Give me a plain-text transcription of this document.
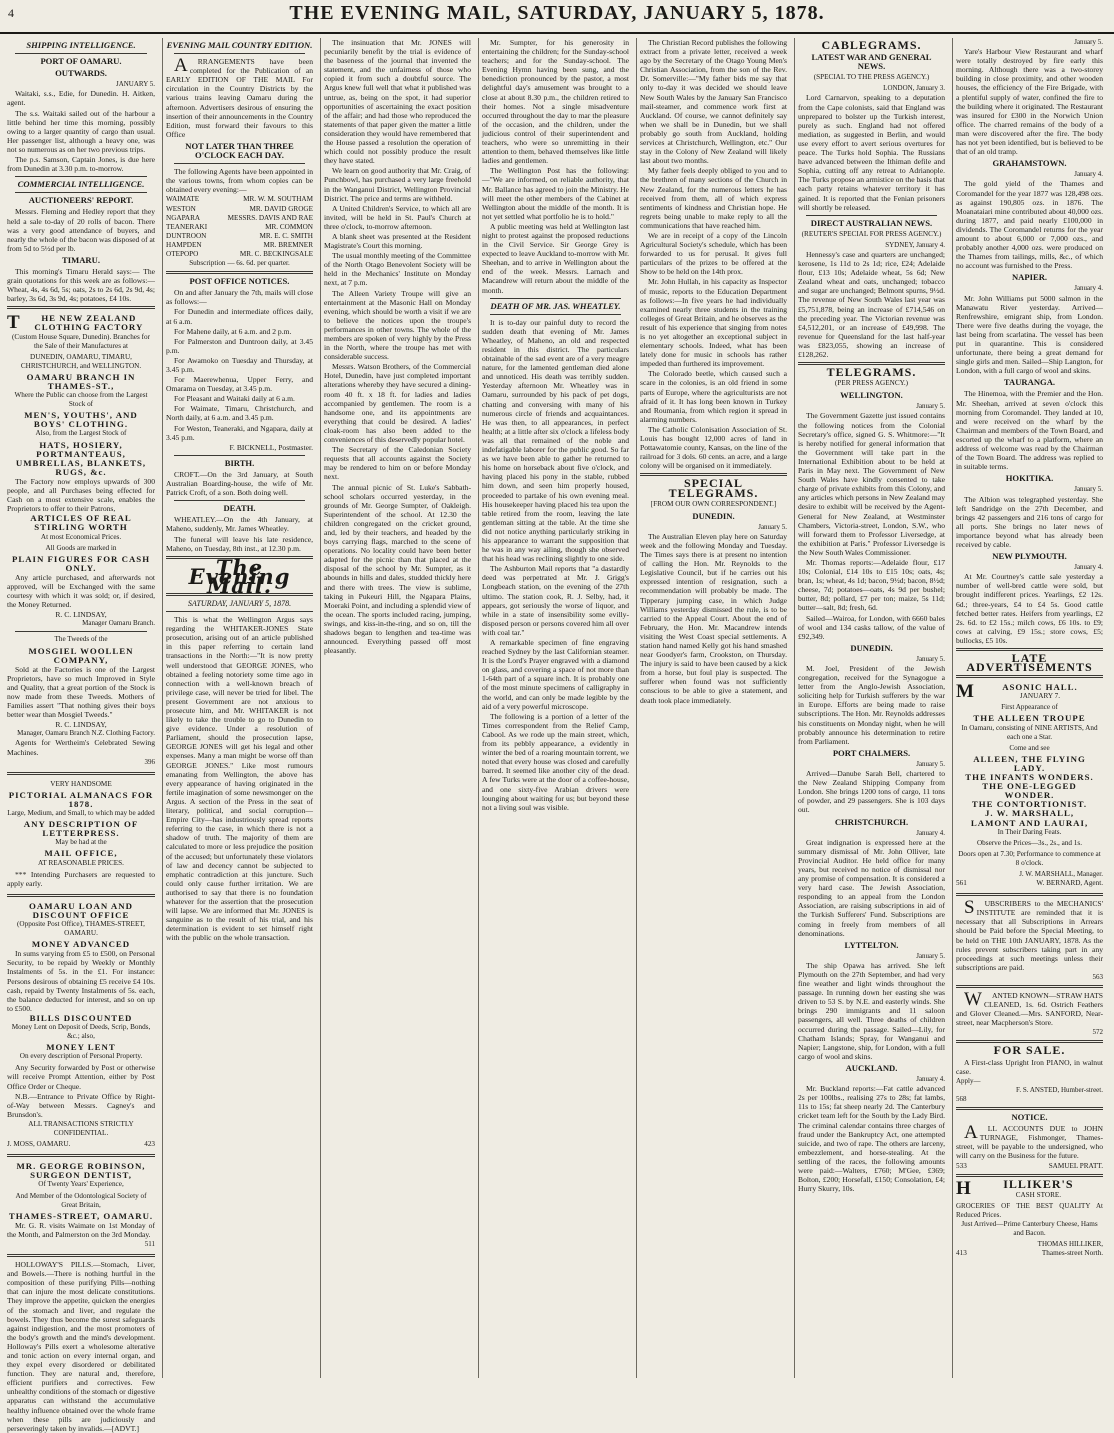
4	THE EVENING MAIL, SATURDAY, JANUARY 5, 1878.
SHIPPING INTELLIGENCE.
PORT OF OAMARU.
OUTWARDS.
JANUARY 5.

Waitaki, s.s., Edie, for Dunedin. H. Aitken, agent.

The s.s. Waitaki sailed out of the harbour a little behind her time this morning, possibly owing to a larger quantity of cargo than usual. Her passenger list, although a heavy one, was not so numerous as on her two previous trips.

The p.s. Samson, Captain Jones, is due here from Dunedin at 3.30 p.m. to-morrow.

COMMERCIAL INTELLIGENCE.
AUCTIONEERS' REPORT.

Messrs. Fleming and Hedley report that they held a sale to-day of 20 rolls of bacon. There was a very good attendance of buyers, and nearly the whole of the bacon was disposed of at from 5d to 5½d per lb.

TIMARU.

This morning's Timaru Herald says:— The grain quotations for this week are as follows:—Wheat, 4s, 4s 6d, 5s; oats, 2s to 2s 6d, 2s 9d, 4s; barley, 3s 6d, 3s 9d, 4s; potatoes, £4 10s.

THE NEW ZEALAND CLOTHING FACTORY
(Custom House Square, Dunedin). Branches for the Sale of their Manufactures at
DUNEDIN, OAMARU, TIMARU, CHRISTCHURCH, and WELLINGTON.
OAMARU BRANCH IN THAMES-ST.,
Where the Public can choose from the Largest Stock of
MEN'S, YOUTHS', AND BOYS' CLOTHING.
Also, from the Largest Stock of
HATS, HOSIERY, PORTMANTEAUS, UMBRELLAS, BLANKETS, RUGS, &c.

The Factory now employs upwards of 300 people, and all Purchases being effected for Cash on a most extensive scale, enables the Proprietors to offer to their Patrons,

ARTICLES OF REAL STIRLING WORTH
At most Economical Prices.
All Goods are marked in
PLAIN FIGURES FOR CASH ONLY.

Any article purchased, and afterwards not approved, will be Exchanged with the same courtesy with which it was sold; or, if desired, the Money Returned.

R. C. LINDSAY,
Manager Oamaru Branch.
The Tweeds of the
MOSGIEL WOOLLEN COMPANY,

Sold at the Factories is one of the Largest Proprietors, have so much Improved in Style and Quality, that a great portion of the Stock is now made from these Tweeds. Mothers of Families assert "That nothing gives their boys better wear than Mosgiel Tweeds."

R. C. LINDSAY,
Manager, Oamaru Branch N.Z. Clothing Factory.

Agents for Wertheim's Celebrated Sewing Machines.

396
VERY HANDSOME
PICTORIAL ALMANACS FOR 1878.
Large, Medium, and Small, to which may be added
ANY DESCRIPTION OF LETTERPRESS.
May be had at the
MAIL OFFICE,
AT REASONABLE PRICES.

*** Intending Purchasers are requested to apply early.

OAMARU LOAN AND DISCOUNT OFFICE
(Opposite Post Office), THAMES-STREET, OAMARU.
MONEY ADVANCED

In sums varying from £5 to £500, on Personal Security, to be repaid by Weekly or Monthly Instalments of 5s. in the £1. For instance: Persons desirous of obtaining £5 receive £4 10s. cash, repaid by Twenty Instalments of 5s. each, the balance deducted for interest, and so on up to £500.

BILLS DISCOUNTED
Money Lent on Deposit of Deeds, Scrip, Bonds, &c.; also,
MONEY LENT
On every description of Personal Property.

Any Security forwarded by Post or otherwise will receive Prompt Attention, either by Post Office Order or Cheque.

N.B.—Entrance to Private Office by Right-of-Way between Messrs. Cagney's and Brunsdon's.

ALL TRANSACTIONS STRICTLY CONFIDENTIAL.
J. MOSS, OAMARU.	423
MR. GEORGE ROBINSON,
SURGEON DENTIST,
Of Twenty Years' Experience,
And Member of the Odontological Society of Great Britain,
THAMES-STREET, OAMARU.

Mr. G. R. visits Waimate on 1st Monday of the Month, and Palmerston on the 3rd Monday.

511

HOLLOWAY'S PILLS.—Stomach, Liver, and Bowels.—There is nothing hurtful in the composition of these purifying Pills—nothing that can injure the most delicate constitutions. They improve the appetite, quicken the energies of the stomach and liver, and regulate the bowels. They thus become the surest safeguards against indigestion, and the most promoters of the body's growth and the mind's development. Holloway's Pills exert a wholesome alterative and tonic action on every internal organ, and they expel every disordered or debilitated function. They are natural and, therefore, efficient purifiers and correctives. Few unhealthy conditions of the stomach or digestive apparatus can withstand the accumulative healthy influence obtained over the whole frame when these pills are judiciously and perseveringly taken by invalids.—[ADVT.]

EVENING MAIL COUNTRY EDITION.

ARRANGEMENTS have been completed for the Publication of an EARLY EDITION OF THE MAIL For circulation in the Country Districts by the various trains leaving Oamaru during the afternoon. Advertisers desirous of ensuring the insertion of their announcements in the Country Edition, must forward their favours to this Office

NOT LATER THAN THREE O'CLOCK EACH DAY.

The following Agents have been appointed in the various towns, from whom copies can be obtained every evening:—

WAIMATE	MR. W. M. SOUTHAM
WESTON	MR. DAVID GROGE
NGAPARA	MESSRS. DAVIS AND RAE
TEANERAKI	MR. COMMON
DUNTROON	MR. E. C. SMITH
HAMPDEN	MR. BREMNER
OTEPOPO	MR. C. BECKINGSALE
Subscription — 6s. 6d. per quarter.
POST OFFICE NOTICES.

On and after January the 7th, mails will close as follows:—

For Dunedin and intermediate offices daily, at 6 a.m.

For Mahene daily, at 6 a.m. and 2 p.m.

For Palmerston and Duntroon daily, at 3.45 p.m.

For Awamoko on Tuesday and Thursday, at 3.45 p.m.

For Maerewhenua, Upper Ferry, and Omarama on Tuesday, at 3.45 p.m.

For Pleasant and Waitaki daily at 6 a.m.

For Waimate, Timaru, Christchurch, and North daily, at 6 a.m. and 3.45 p.m.

For Weston, Teaneraki, and Ngapara, daily at 3.45 p.m.

F. BICKNELL, Postmaster.
BIRTH.

CROFT.—On the 3rd January, at South Australian Boarding-house, the wife of Mr. Patrick Croft, of a son. Both doing well.

DEATH.

WHEATLEY.—On the 4th January, at Maheno, suddenly, Mr. James Wheatley.

The funeral will leave his late residence, Maheno, on Tuesday, 8th inst., at 12.30 p.m.

The Evening Mail.
SATURDAY, JANUARY 5, 1878.

This is what the Wellington Argus says regarding the WHITAKER-JONES State prosecution, arising out of an article published in this paper referring to certain land transactions in the North:—"It is now pretty well understood that GEORGE JONES, who obtained a feeling notoriety some time ago in connection with a well-known breach of privilege case, will never be tried for libel. The present Government are not anxious to prosecute him, and Mr. WHITAKER is not likely to take the trouble to go to Dunedin to give evidence. Under a resolution of Parliament, should the prosecution lapse, GEORGE JONES will get his legal and other expenses. Many a man might be worse off than GEORGE JONES." Like most rumours emanating from Wellington, the above has every appearance of having originated in the fertile imagination of some newsmonger on the Argus. A section of the Press in the seat of literary, political, and social corruption—Empire City—has industriously spread reports referring to the case, in which there is not a shadow of truth. The majority of them are calculated to more or less prejudice the position of the accused; but unfortunately these violators of law and decency cannot be subjected to emphatic contradiction at this juncture. Such could only cause further irritation. We are authorised to say that there is no foundation whatever for the assertion that the prosecution will lapse. We are informed that Mr. JONES is sanguine as to the result of his trial, and his determination is evident to set himself right with the public on the whole transaction.

The insinuation that Mr. JONES will pecuniarily benefit by the trial is evidence of the baseness of the journal that invented the statement, and the unfairness of those who copied it from such a doubtful source. The Argus knew full well that what it published was untrue, as, being on the spot, it had superior opportunities of ascertaining the exact position of the affair; and had those who reproduced the statements of that paper given the matter a little consideration they would have remembered that the House passed a resolution the operation of which could not possibly produce the result they have stated.

We learn on good authority that Mr. Craig, of Punchbowl, has purchased a very large freehold in the Wanganui District, Wellington Provincial District. The price and terms are withheld.

A United Children's Service, to which all are invited, will be held in St. Paul's Church at three o'clock, to-morrow afternoon.

A blank sheet was presented at the Resident Magistrate's Court this morning.

The usual monthly meeting of the Committee of the North Otago Benevolent Society will be held in the Mechanics' Institute on Monday next, at 7 p.m.

The Alleen Variety Troupe will give an entertainment at the Masonic Hall on Monday evening, which should be worth a visit if we are to believe the notices upon the troupe's performances in other towns. The whole of the members are spoken of very highly by the Press in the North, where the troupe has met with considerable success.

Messrs. Watson Brothers, of the Commercial Hotel, Dunedin, have just completed important alterations whereby they have secured a dining-room 40 ft. x 18 ft. for ladies and ladies accompanied by gentlemen. The room is a handsome one, and its appointments are everything that could be desired. A ladies' cloak-room has also been added to the conveniences of this deservedly popular hotel.

The Secretary of the Caledonian Society requests that all accounts against the Society may be rendered to him on or before Monday next.

The annual picnic of St. Luke's Sabbath-school scholars occurred yesterday, in the grounds of Mr. George Sumpter, of Oakleigh. Superintendent of the school. At 12.30 the children congregated on the cricket ground, and, led by their teachers, and headed by the boys carrying flags, marched to the scene of operations. No locality could have been better adapted for the picnic than that placed at the disposal of the school by Mr. Sumpter, as it abounds in hills and dales, studded thickly here and there with trees. The view is sublime, taking in Pukeuri Hill, the Ngapara Plains, Moeraki Point, and including a splendid view of the ocean. The sports included racing, jumping, swings, and kiss-in-the-ring, and so on, till the shadows began to lengthen and tea-time was announced. Everything passed off most pleasantly.

Mr. Sumpter, for his generosity in entertaining the children; for the Sunday-school teachers; and for the Sunday-school. The Evening Hymn having been sung, and the benediction pronounced by the pastor, a most delightful day's amusement was brought to a close at about 8.30 p.m., the children retired to their homes. Not a single misadventure occurred throughout the day to mar the pleasure of the occasion, and the children, under the judicious control of their superintendent and teachers, who were so unremitting in their attention to them, behaved themselves like little ladies and gentlemen.

The Wellington Post has the following:—"We are informed, on reliable authority, that Mr. Ballance has agreed to join the Ministry. He will meet the other members of the Cabinet at Wellington about the middle of the month. It is not yet settled what portfolio he is to hold."

A public meeting was held at Wellington last night to protest against the proposed reductions in the Civil Service. Sir George Grey is expected to leave Auckland to-morrow with Mr. Sheehan, and to arrive in Wellington about the end of the week. Messrs. Larnach and Macandrew will return about the middle of the month.

DEATH OF MR. JAS. WHEATLEY.

It is to-day our painful duty to record the sudden death that evening of Mr. James Wheatley, of Maheno, an old and respected resident in this district. The particulars obtainable of the sad event are of a very meagre nature, for the lamented gentleman died alone and unnoticed. His death was terribly sudden. Yesterday afternoon Mr. Wheatley was in Oamaru, surrounded by his pack of pet dogs, chatting and conversing with many of his numerous circle of friends and acquaintances. He was then, to all appearances, in perfect health; at a little after six o'clock a lifeless body was all that remained of the noble and indefatigable laborer for the public good. So far as we have been able to gather he returned to his home on horseback about five o'clock, and having placed his pony in the stable, rubbed him down, and seen him properly housed, proceeded to partake of his own evening meal. His housekeeper having placed his tea upon the table retired from the room, leaving the late gentleman sitting at the table. At the time she did not notice anything particularly striking in his appearance to warrant the supposition that he was in any way ailing, though she observed that his head was reclining slightly to one side.

The Ashburton Mail reports that "a dastardly deed was perpetrated at Mr. J. Grigg's Longbeach station, on the evening of the 27th ultimo. The station cook, R. J. Selby, had, it appears, got seriously the worse of liquor, and while in a state of insensibility some evilly-disposed person or persons covered him all over with coal tar."

A remarkable specimen of fine engraving reached Sydney by the last Californian steamer. It is the Lord's Prayer engraved with a diamond on glass, and covering a space of not more than 1-64th part of a square inch. It is probably one of the most minute specimens of calligraphy in the world, and can only be made legible by the aid of a very powerful microscope.

The following is a portion of a letter of the Times correspondent from the Relief Camp, Cabool. As we rode up the main street, which, from its pebbly appearance, a evidently in winter the bed of a roaring mountain torrent, we noted that every house was closed and carefully barred. It seemed like another city of the dead. A few Turks were at the door of a coffee-house, and one sixty-five Arabian drivers were lounging about waiting for us; but beyond these not a living soul was visible.

The Christian Record publishes the following extract from a private letter, received a week ago by the Secretary of the Otago Young Men's Christian Association, from the son of the Rev. Dr. Somerville:—"My father bids me say that only to-day it was decided we should leave New South Wales by the January San Francisco mail-steamer, and commence work first at Auckland. Of course, we cannot definitely say when we shall be in Dunedin, but we shall probably go south from Auckland, holding services at Christchurch, Wellington, etc." Our stay in the Colony of New Zealand will likely last about two months.

My father feels deeply obliged to you and to the brethren of many sections of the Church in New Zealand, for the numerous letters he has received from them, all of which express sentiments of kindness and Christian hope. He regrets being unable to make reply to all the communications that have reached him.

We are in receipt of a copy of the Lincoln Agricultural Society's schedule, which has been forwarded to us for perusal. It gives full particulars of the prizes to be offered at the Show to be held on the 14th prox.

Mr. John Hullah, in his capacity as Inspector of music, reports to the Education Department as follows:—In five years he had individually examined nearly three students in the training colleges of Great Britain, and he observes as the result of his experience that singing from notes is no yet altogether an exceptional subject in elementary schools. Indeed, what has been lately done for music in schools has rather impeded than furthered its improvement.

The Colorado beetle, which caused such a scare in the colonies, is an old friend in some parts of Europe, where the agriculturists are not afraid of it. It has long been known in Turkey and Roumania, from which region it spread in alarming numbers.

The Catholic Colonisation Association of St. Louis has bought 12,000 acres of land in Pottawatomie county, Kansas, on the line of the railroad for 3 dols. 60 cents. an acre, and a large colony will be organised on it immediately.

SPECIAL TELEGRAMS.
[FROM OUR OWN CORRESPONDENT.]
DUNEDIN.
January 5.

The Australian Eleven play here on Saturday week and the following Monday and Tuesday. The Times says there is at present no intention of calling the Hon. Mr. Reynolds to the Legislative Council, but if he carries out his expressed intention of resignation, such a recommendation will probably be made. The Tipperary jumping case, in which Judge Williams yesterday dismissed the rule, is to be carried to the Appeal Court. About the end of February, the Hon. Mr. Macandrew intends visiting the West Coast special settlements. A station hand named Kelly got his hand smashed near Goodyer's farm, Crookston, on Thursday. The injury is said to have been caused by a kick from a horse, but foul play is suspected. The sufferer when found was not sufficiently conscious to be able to give a statement, and death took place immediately.

CABLEGRAMS.
LATEST WAR AND GENERAL NEWS.
(SPECIAL TO THE PRESS AGENCY.)
LONDON, January 3.

Lord Carnarvon, speaking to a deputation from the Cape colonists, said that England was unprepared to bolster up the Turkish interest, purely as such. England had not offered mediation, as suggested in Berlin, and would use every effort to avert serious overtures for peace. The Turks hold Sophia. The Russians have advanced between the Ithiman defile and Sophia, cutting off any retreat to Adrianople. The Turks propose an armistice on the basis that each party retains whatever territory it has gained. It is reported that the Fenian prisoners will shortly be released.

DIRECT AUSTRALIAN NEWS.
(REUTER'S SPECIAL FOR PRESS AGENCY.)
SYDNEY, January 4.

Hennessy's case and quarters are unchanged; kerosene, 1s 11d to 2s 1d; rice, £24; Adelaide flour, £13 10s; Adelaide wheat, 5s 6d; New Zealand wheat and oats, unchanged; tobacco and sugar are unchanged; Belmont spurns, 9½d. The revenue of New South Wales last year was £5,751,878, being an increase of £714,546 on the preceding year. The Victorian revenue was £4,512,201, or an increase of £49,998. The revenue for Queensland for the last half-year was £823,055, showing an increase of £128,262.

TELEGRAMS.
(PER PRESS AGENCY.)
WELLINGTON.
January 5.

The Government Gazette just issued contains the following notices from the Colonial Secretary's office, signed G. S. Whitmore:—"It is hereby notified for general information that the Government will take part in the International Exhibition about to be held at Paris in May next. The Government of New South Wales have kindly consented to take charge of private exhibits from this Colony, and any articles which persons in New Zealand may desire to exhibit will be received by the Agent-General for New Zealand, at Westminster Chambers, Victoria-street, London, S.W., who will forward them to Professor Liversedge, at the exhibition at Paris." Professor Liversedge is the New South Wales Commissioner.

Mr. Thomas reports:—Adelaide flour, £17 10s; Colonial, £14 10s to £15 10s; oats, 4s; bran, 1s; wheat, 4s 1d; bacon, 9½d; bacon, 8½d; cheese, 7d; potatoes—oats, 4s 9d per bushel; butter, 8d; pollard, £7 per ton; maize, 5s 11d; butter—salt, 8d; fresh, 6d.

Sailed—Wairoa, for London, with 6660 bales of wool and 134 casks tallow, of the value of £92,349.

DUNEDIN.
January 5.

M. Joel, President of the Jewish congregation, received for the Synagogue a letter from the Anglo-Jewish Association, soliciting help for Turkish sufferers by the war in Europe. Efforts are being made to raise subscriptions. The Hon. Mr. Reynolds addresses his constituents on Monday night, when he will probably announce his determination to retire from Parliament.

PORT CHALMERS.
January 5.

Arrived—Danube Sarah Bell, chartered to the New Zealand Shipping Company from London. She brings 1200 tons of cargo, 11 tons of powder, and 29 passengers. She is 103 days out.

CHRISTCHURCH.
January 4.

Great indignation is expressed here at the summary dismissal of Mr. John Olliver, late Provincial Auditor. He held office for many years, but received no notice of dismissal nor any promise of compensation. It is considered a very hard case. The Jewish Association, responding to an appeal from the London Association, are raising subscriptions in aid of the Turkish Sufferers' Fund. Subscriptions are coming in freely from members of all denominations.

LYTTELTON.
January 5.

The ship Opawa has arrived. She left Plymouth on the 27th September, and had very fine weather and light winds throughout the passage. In running down her easting she was driven to 53 S. by N.E. and easterly winds. She brings 290 immigrants and 11 saloon passengers, all well. Three deaths of children occurred during the passage. Sailed—Lily, for Chatham Islands; Spray, for Wanganui and Napier; Langstone, ship, for London, with a full cargo of wool and skins.

AUCKLAND.
January 4.

Mr. Buckland reports:—Fat cattle advanced 2s per 100lbs., realising 27s to 28s; fat lambs, 11s to 15s; fat sheep nearly 2d. The Canterbury cricket team left for the South by the Lady Bird. The criminal calendar contains three charges of fraud under the Bankruptcy Act, one attempted suicide, and two of rape. The others are larceny, embezzlement, and horse-stealing. At the settling of the races, the following amounts were paid:—Walters, £760; M'Gee, £369; Bolton, £200; Horsefall, £150; Consolation, £4; Hurry Skurry, 10s.

January 5.

Yare's Harbour View Restaurant and wharf were totally destroyed by fire early this morning. Although there was a two-storey building in close proximity, and other wooden houses, the efficiency of the Fire Brigade, with a plentiful supply of water, confined the fire to the building where it originated. The Restaurant was insured for £300 in the Norwich Union office. The charred remains of the body of a man were discovered after the fire. The body has not yet been identified, but is believed to be that of an old tramp.

GRAHAMSTOWN.
January 4.

The gold yield of the Thames and Coromandel for the year 1877 was 128,498 ozs. as against 190,805 ozs. in 1876. The Moanataiari mine contributed about 40,000 ozs. during 1877, and paid nearly £100,000 in dividends. The Coromandel returns for the year amount to about 6,000 or 7,000 ozs., and probably another 4,000 ozs. were produced on the Thames from tailings, mills, &c., of which no account was furnished to the Press.

NAPIER.
January 4.

Mr. John Williams put 5000 salmon in the Manawatu River yesterday. Arrived—Renfrewshire, emigrant ship, from London. There were five deaths during the voyage, the last being from scarlatina. The vessel has been put in quarantine. This is considered unfortunate, there being a great demand for single girls and men. Sailed—Ship Langton, for London, with a full cargo of wool and skins.

TAURANGA.

The Hinemoa, with the Premier and the Hon. Mr. Sheehan, arrived at seven o'clock this morning from Coromandel. They landed at 10, and were received on the wharf by the Chairman and members of the Town Board, and escorted up the wharf to a platform, where an address of welcome was read by the Chairman of the Town Board. The address was replied to in suitable terms.

HOKITIKA.
January 5.

The Albion was telegraphed yesterday. She left Sandridge on the 27th December, and brings 42 passengers and 216 tons of cargo for all ports. She brings no later news of importance beyond what has already been received by cable.

NEW PLYMOUTH.
January 4.

At Mr. Courtney's cattle sale yesterday a number of well-bred cattle were sold, but brought indifferent prices. Yearlings, £2 12s. 6d.; three-years, £4 to £4 5s. Good cattle fetched better rates. Heifers from yearlings, £2 2s. 6d. to £2 15s.; milch cows, £6 10s. to £9; cows at calving, £9 15s.; store cows, £5; bullocks, £5 10s.

LATE ADVERTISEMENTS
MASONIC HALL.
JANUARY 7.
First Appearance of
THE ALLEEN TROUPE
In Oamaru, consisting of NINE ARTISTS, And each one a Star.
Come and see
ALLEEN, THE FLYING LADY.
THE INFANTS WONDERS.
THE ONE-LEGGED WONDER.
THE CONTORTIONIST.
J. W. MARSHALL,
LAMONT AND LAURAI,
In Their Daring Feats.
Observe the Prices—3s., 2s., and 1s.
Doors open at 7.30; Performance to commence at 8 o'clock.
J. W. MARSHALL, Manager.
561	W. BERNARD, Agent.

SUBSCRIBERS to the MECHANICS' INSTITUTE are reminded that it is necessary that all Subscriptions in Arrears should be Paid before the Special Meeting, to be held on THE 10th JANUARY, 1878. As the rules prevent subscribers taking part in any proceedings at such meetings unless their subscriptions are paid.

563

WANTED KNOWN—STRAW HATS CLEANED, 1s. 6d. Ostrich Feathers and Glover Cleaned.—Mrs. SANFORD, Near-street, near Macpherson's Store.

572
FOR SALE.

A First-class Upright Iron PIANO, in walnut case.

Apply—
F. S. ANSTED, Humber-street.
568
NOTICE.

ALL ACCOUNTS DUE to JOHN TURNAGE, Fishmonger, Thames-street, will be payable to the undersigned, who will carry on the Business for the future.

533	SAMUEL PRATT.
HILLIKER'S
CASH STORE.
GROCERIES OF THE BEST QUALITY At Reduced Prices.
Just Arrived—Prime Canterbury Cheese, Hams and Bacon.
THOMAS HILLIKER,
413	Thames-street North.
